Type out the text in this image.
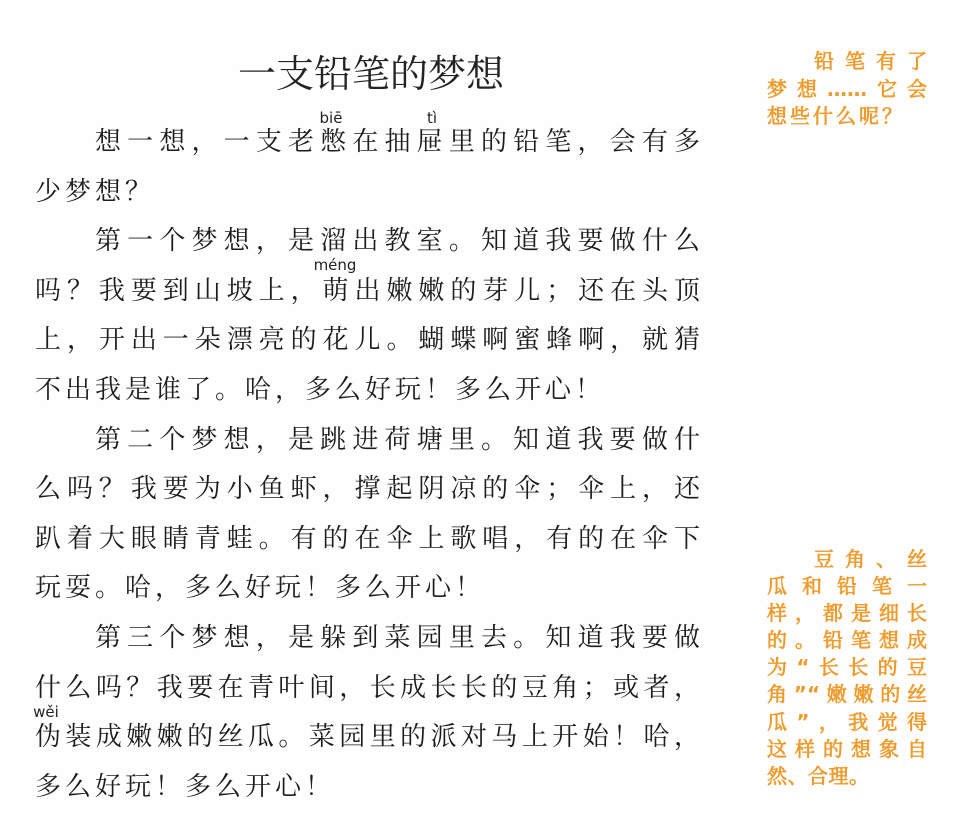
一支铅笔的梦想
biē	tì
méng
wěi
想一想，一支老憋在抽屉里的铅笔，会有多
少梦想？
第一个梦想，是溜出教室。知道我要做什么
吗？我要到山坡上，萌出嫩嫩的芽儿；还在头顶
上，开出一朵漂亮的花儿。蝴蝶啊蜜蜂啊，就猜
不出我是谁了。哈，多么好玩！多么开心！
第二个梦想，是跳进荷塘里。知道我要做什
么吗？我要为小鱼虾，撑起阴凉的伞；伞上，还
趴着大眼睛青蛙。有的在伞上歌唱，有的在伞下
玩耍。哈，多么好玩！多么开心！
第三个梦想，是躲到菜园里去。知道我要做
什么吗？我要在青叶间，长成长长的豆角；或者，
伪装成嫩嫩的丝瓜。菜园里的派对马上开始！哈，
多么好玩！多么开心！
铅笔有了
梦想……它会
想些什么呢？
豆角、丝
瓜和铅笔一
样，都是细长
的。铅笔想成
为“长长的豆
角”“嫩嫩的丝
瓜”，我觉得
这样的想象自
然、合理。
